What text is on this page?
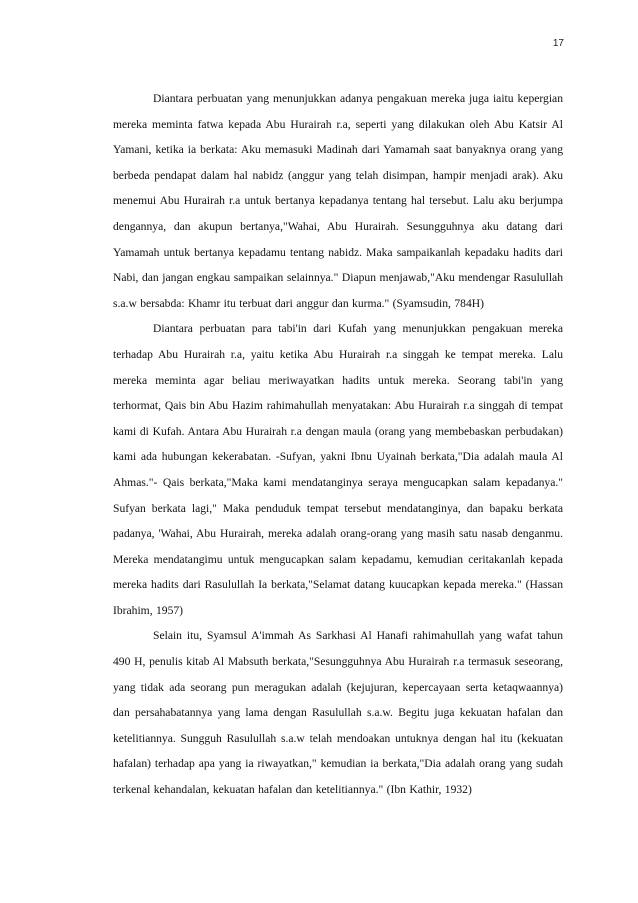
17

Diantara perbuatan yang menunjukkan adanya pengakuan mereka juga iaitu kepergian mereka meminta fatwa kepada Abu Hurairah r.a, seperti yang dilakukan oleh Abu Katsir Al Yamani, ketika ia berkata: Aku memasuki Madinah dari Yamamah saat banyaknya orang yang berbeda pendapat dalam hal nabidz (anggur yang telah disimpan, hampir menjadi arak). Aku menemui Abu Hurairah r.a untuk bertanya kepadanya tentang hal tersebut. Lalu aku berjumpa dengannya, dan akupun bertanya,"Wahai, Abu Hurairah. Sesungguhnya aku datang dari Yamamah untuk bertanya kepadamu tentang nabidz. Maka sampaikanlah kepadaku hadits dari Nabi, dan jangan engkau sampaikan selainnya." Diapun menjawab,"Aku mendengar Rasulullah s.a.w bersabda: Khamr itu terbuat dari anggur dan kurma." (Syamsudin, 784H)

Diantara perbuatan para tabi'in dari Kufah yang menunjukkan pengakuan mereka terhadap Abu Hurairah r.a, yaitu ketika Abu Hurairah r.a singgah ke tempat mereka. Lalu mereka meminta agar beliau meriwayatkan hadits untuk mereka. Seorang tabi'in yang terhormat, Qais bin Abu Hazim rahimahullah menyatakan: Abu Hurairah r.a singgah di tempat kami di Kufah. Antara Abu Hurairah r.a dengan maula (orang yang membebaskan perbudakan) kami ada hubungan kekerabatan. -Sufyan, yakni Ibnu Uyainah berkata,"Dia adalah maula Al Ahmas."- Qais berkata,"Maka kami mendatanginya seraya mengucapkan salam kepadanya." Sufyan berkata lagi," Maka penduduk tempat tersebut mendatanginya, dan bapaku berkata padanya, 'Wahai, Abu Hurairah, mereka adalah orang-orang yang masih satu nasab denganmu. Mereka mendatangimu untuk mengucapkan salam kepadamu, kemudian ceritakanlah kepada mereka hadits dari Rasulullah Ia berkata,"Selamat datang kuucapkan kepada mereka." (Hassan Ibrahim, 1957)

Selain itu, Syamsul A'immah As Sarkhasi Al Hanafi rahimahullah yang wafat tahun 490 H, penulis kitab Al Mabsuth berkata,"Sesungguhnya Abu Hurairah r.a termasuk seseorang, yang tidak ada seorang pun meragukan adalah (kejujuran, kepercayaan serta ketaqwaannya) dan persahabatannya yang lama dengan Rasulullah s.a.w. Begitu juga kekuatan hafalan dan ketelitiannya. Sungguh Rasulullah s.a.w telah mendoakan untuknya dengan hal itu (kekuatan hafalan) terhadap apa yang ia riwayatkan," kemudian ia berkata,"Dia adalah orang yang sudah terkenal kehandalan, kekuatan hafalan dan ketelitiannya." (Ibn Kathir, 1932)
